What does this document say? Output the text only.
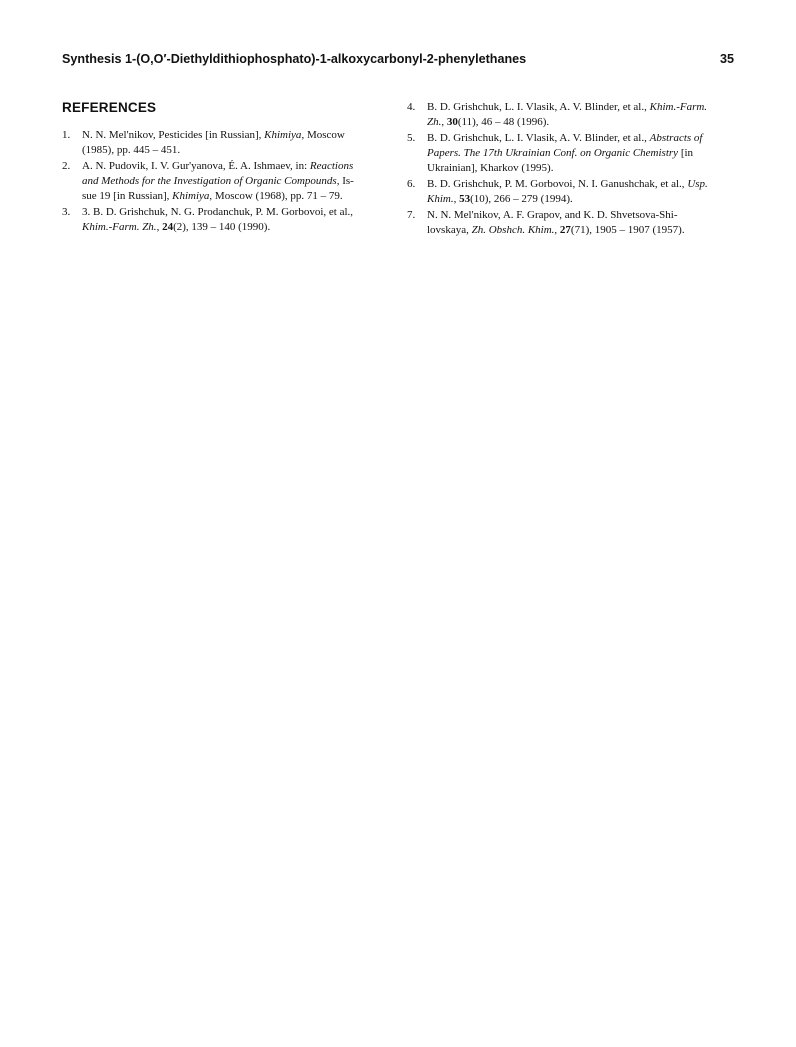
Synthesis 1-(O,O′-Diethyldithiophosphato)-1-alkoxycarbonyl-2-phenylethanes	35
REFERENCES
1. N. N. Mel'nikov, Pesticides [in Russian], Khimiya, Moscow
(1985), pp. 445 – 451.
2. A. N. Pudovik, I. V. Gur'yanova, É. A. Ishmaev, in: Reactions
and Methods for the Investigation of Organic Compounds, Is-
sue 19 [in Russian], Khimiya, Moscow (1968), pp. 71 – 79.
3. 3. B. D. Grishchuk, N. G. Prodanchuk, P. M. Gorbovoi, et al.,
Khim.-Farm. Zh., 24(2), 139 – 140 (1990).
4. B. D. Grishchuk, L. I. Vlasik, A. V. Blinder, et al., Khim.-Farm.
Zh., 30(11), 46 – 48 (1996).
5. B. D. Grishchuk, L. I. Vlasik, A. V. Blinder, et al., Abstracts of
Papers. The 17th Ukrainian Conf. on Organic Chemistry [in
Ukrainian], Kharkov (1995).
6. B. D. Grishchuk, P. M. Gorbovoi, N. I. Ganushchak, et al., Usp.
Khim., 53(10), 266 – 279 (1994).
7. N. N. Mel'nikov, A. F. Grapov, and K. D. Shvetsova-Shi-
lovskaya, Zh. Obshch. Khim., 27(71), 1905 – 1907 (1957).
